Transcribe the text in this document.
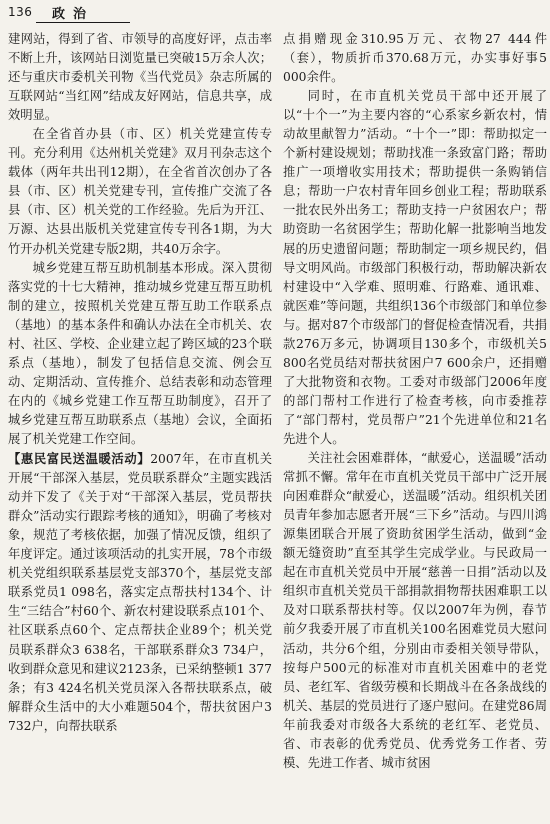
136 政治

建网站，得到了省、市领导的高度好评，点击率不断上升，该网站日浏览量已突破15万余人次；还与重庆市委机关刊物《当代党员》杂志所属的互联网站“当红网”结成友好网站，信息共享，成效明显。

在全省首办县（市、区）机关党建宣传专刊。充分利用《达州机关党建》双月刊杂志这个载体（两年共出刊12期），在全省首次创办了各县（市、区）机关党建专刊，宣传推广交流了各县（市、区）机关党的工作经验。先后为开江、万源、达县出版机关党建宣传专刊各1期，为大竹开办机关党建专版2期，共40万余字。

城乡党建互帮互助机制基本形成。深入贯彻落实党的十七大精神，推动城乡党建互帮互助机制的建立，按照机关党建互帮互助工作联系点（基地）的基本条件和确认办法在全市机关、农村、社区、学校、企业建立起了跨区域的23个联系点（基地），制发了包括信息交流、例会互动、定期活动、宣传推介、总结表彰和动态管理在内的《城乡党建工作互帮互助制度》，召开了城乡党建互帮互助联系点（基地）会议，全面拓展了机关党建工作空间。

【惠民富民送温暖活动】2007年，在市直机关开展“干部深入基层，党员联系群众”主题实践活动并下发了《关于对“干部深入基层，党员帮扶群众”活动实行跟踪考核的通知》，明确了考核对象，规范了考核依据，加强了情况反馈，组织了年度评定。通过该项活动的扎实开展，78个市级机关党组织联系基层党支部370个，基层党支部联系党员1 098名，落实定点帮扶村134个、计生“三结合”村60个、新农村建设联系点101个、社区联系点60个、定点帮扶企业89个；机关党员联系群众3 638名，干部联系群众3 734户，收到群众意见和建议2123条，已采纳整顿1 377条；有3 424名机关党员深入各帮扶联系点，破解群众生活中的大小难题504个，帮扶贫困户3 732户，向帮扶联系

点捐赠现金310.95万元、衣物27 444件（套），物质折币370.68万元，办实事好事5 000余件。

同时，在市直机关党员干部中还开展了以“十个一”为主要内容的“心系家乡新农村，情动故里献智力”活动。“十个一”即：帮助拟定一个新村建设规划；帮助找准一条致富门路；帮助推广一项增收实用技术；帮助提供一条购销信息；帮助一户农村青年回乡创业工程；帮助联系一批农民外出务工；帮助支持一户贫困农户；帮助资助一名贫困学生；帮助化解一批影响当地发展的历史遗留问题；帮助制定一项乡规民约，倡导文明风尚。市级部门积极行动，帮助解决新农村建设中“入学难、照明难、行路难、通讯难、就医难”等问题，共组织136个市级部门和单位参与。据对87个市级部门的督促检查情况看，共捐款276万多元，协调项目130多个，市级机关5 800名党员结对帮扶贫困户7 600余户，还捐赠了大批物资和衣物。工委对市级部门2006年度的部门帮村工作进行了检查考核，向市委推荐了“部门帮村，党员帮户”21个先进单位和21名先进个人。

关注社会困难群体，“献爱心，送温暖”活动常抓不懈。常年在市直机关党员干部中广泛开展向困难群众“献爱心，送温暖”活动。组织机关团员青年参加志愿者开展“三下乡”活动。与四川鸿源集团联合开展了资助贫困学生活动，做到“金额无缝资助”直至其学生完成学业。与民政局一起在市直机关党员中开展“慈善一日捐”活动以及组织市直机关党员干部捐款捐物帮扶困难职工以及对口联系帮扶村等。仅以2007年为例，春节前夕我委开展了市直机关100名困难党员大慰问活动，共分6个组，分别由市委相关领导带队，按每户500元的标准对市直机关困难中的老党员、老红军、省级劳模和长期战斗在各条战线的机关、基层的党员进行了逐户慰问。在建党86周年前我委对市级各大系统的老红军、老党员、省、市表彰的优秀党员、优秀党务工作者、劳模、先进工作者、城市贫困
